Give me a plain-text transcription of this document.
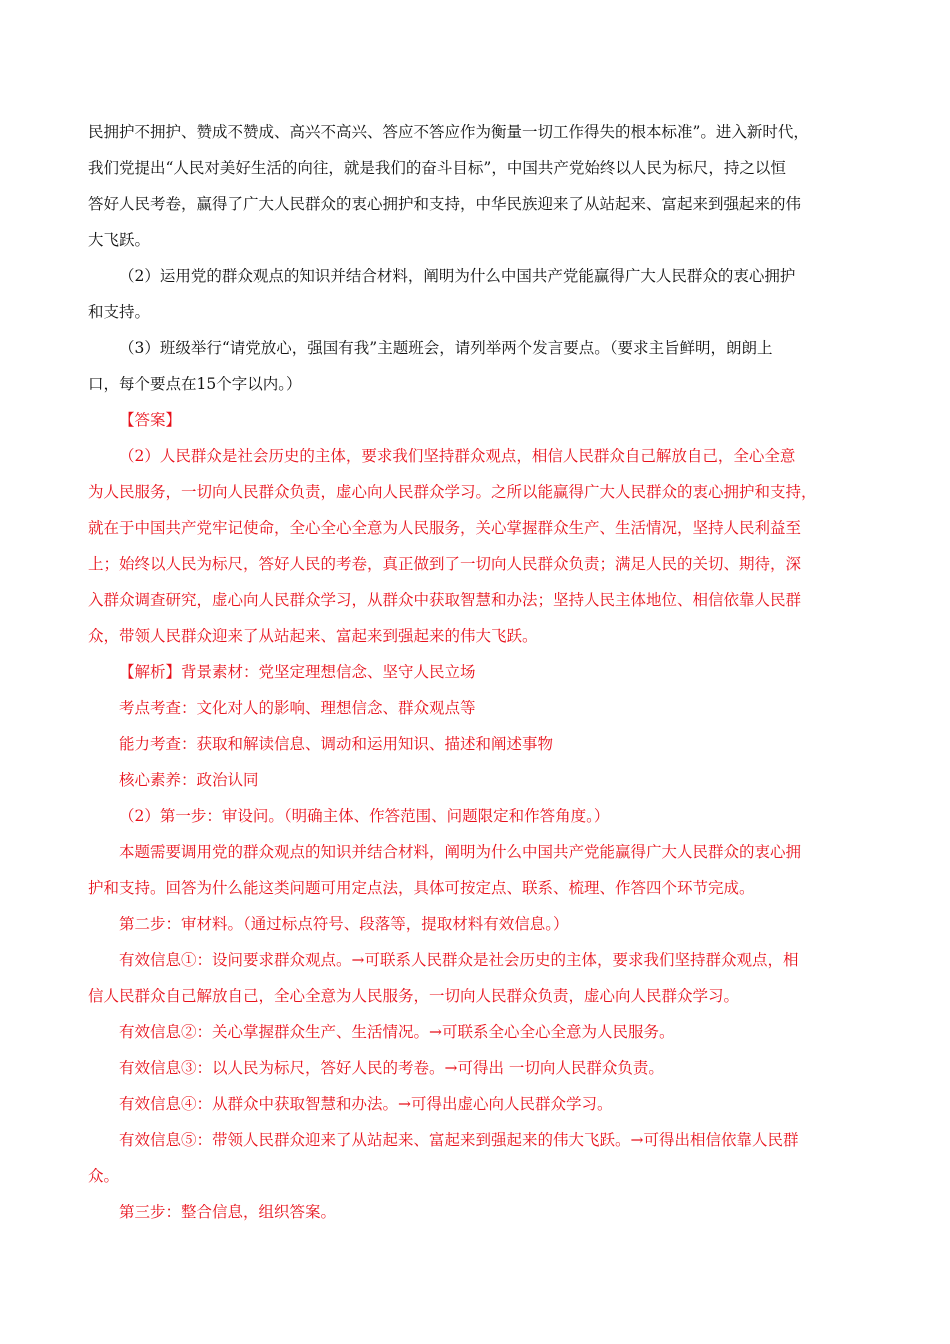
民拥护不拥护、赞成不赞成、高兴不高兴、答应不答应作为衡量一切工作得失的根本标准”。进入新时代，
我们党提出“人民对美好生活的向往，就是我们的奋斗目标”，中国共产党始终以人民为标尺，持之以恒
答好人民考卷，赢得了广大人民群众的衷心拥护和支持，中华民族迎来了从站起来、富起来到强起来的伟
大飞跃。
（2）运用党的群众观点的知识并结合材料，阐明为什么中国共产党能赢得广大人民群众的衷心拥护
和支持。
（3）班级举行“请党放心，强国有我”主题班会，请列举两个发言要点。（要求主旨鲜明，朗朗上
口，每个要点在15个字以内。）
【答案】
（2）人民群众是社会历史的主体，要求我们坚持群众观点，相信人民群众自己解放自己，全心全意
为人民服务，一切向人民群众负责，虚心向人民群众学习。之所以能赢得广大人民群众的衷心拥护和支持，
就在于中国共产党牢记使命，全心全心全意为人民服务，关心掌握群众生产、生活情况，坚持人民利益至
上；始终以人民为标尺，答好人民的考卷，真正做到了一切向人民群众负责；满足人民的关切、期待，深
入群众调查研究，虚心向人民群众学习，从群众中获取智慧和办法；坚持人民主体地位、相信依靠人民群
众，带领人民群众迎来了从站起来、富起来到强起来的伟大飞跃。
【解析】背景素材：党坚定理想信念、坚守人民立场
考点考查：文化对人的影响、理想信念、群众观点等
能力考查：获取和解读信息、调动和运用知识、描述和阐述事物
核心素养：政治认同
（2）第一步：审设问。（明确主体、作答范围、问题限定和作答角度。）
本题需要调用党的群众观点的知识并结合材料，阐明为什么中国共产党能赢得广大人民群众的衷心拥
护和支持。回答为什么能这类问题可用定点法，具体可按定点、联系、梳理、作答四个环节完成。
第二步：审材料。（通过标点符号、段落等，提取材料有效信息。）
有效信息①：设问要求群众观点。→可联系人民群众是社会历史的主体，要求我们坚持群众观点，相
信人民群众自己解放自己，全心全意为人民服务，一切向人民群众负责，虚心向人民群众学习。
有效信息②：关心掌握群众生产、生活情况。→可联系全心全心全意为人民服务。
有效信息③：以人民为标尺，答好人民的考卷。→可得出 一切向人民群众负责。
有效信息④：从群众中获取智慧和办法。→可得出虚心向人民群众学习。
有效信息⑤：带领人民群众迎来了从站起来、富起来到强起来的伟大飞跃。→可得出相信依靠人民群
众。
第三步：整合信息，组织答案。
